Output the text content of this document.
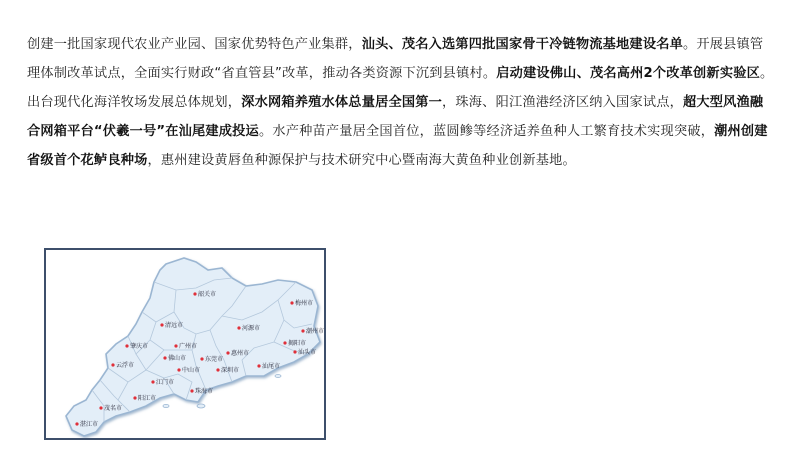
创建一批国家现代农业产业园、国家优势特色产业集群，汕头、茂名入选第四批国家骨干冷链物流基地建设名单。开展县镇管理体制改革试点，全面实行财政“省直管县”改革，推动各类资源下沉到县镇村。启动建设佛山、茂名高州2个改革创新实验区。出台现代化海洋牧场发展总体规划，深水网箱养殖水体总量居全国第一，珠海、阳江渔港经济区纳入国家试点，超大型风渔融合网箱平台“伏羲一号”在汕尾建成投运。水产种苗产量居全国首位，蓝圆鲹等经济适养鱼种人工繁育技术实现突破，潮州创建省级首个花鲈良种场，惠州建设黄唇鱼种源保护与技术研究中心暨南海大黄鱼种业创新基地。
韶关市
清远市	河源市
梅州市
潮州市
揭阳市
汕头市
肇庆市	广州市
惠州市
汕尾市
佛山市	东莞市
云浮市
中山市	深圳市
江门市
阳江市
珠海市
茂名市
湛江市
